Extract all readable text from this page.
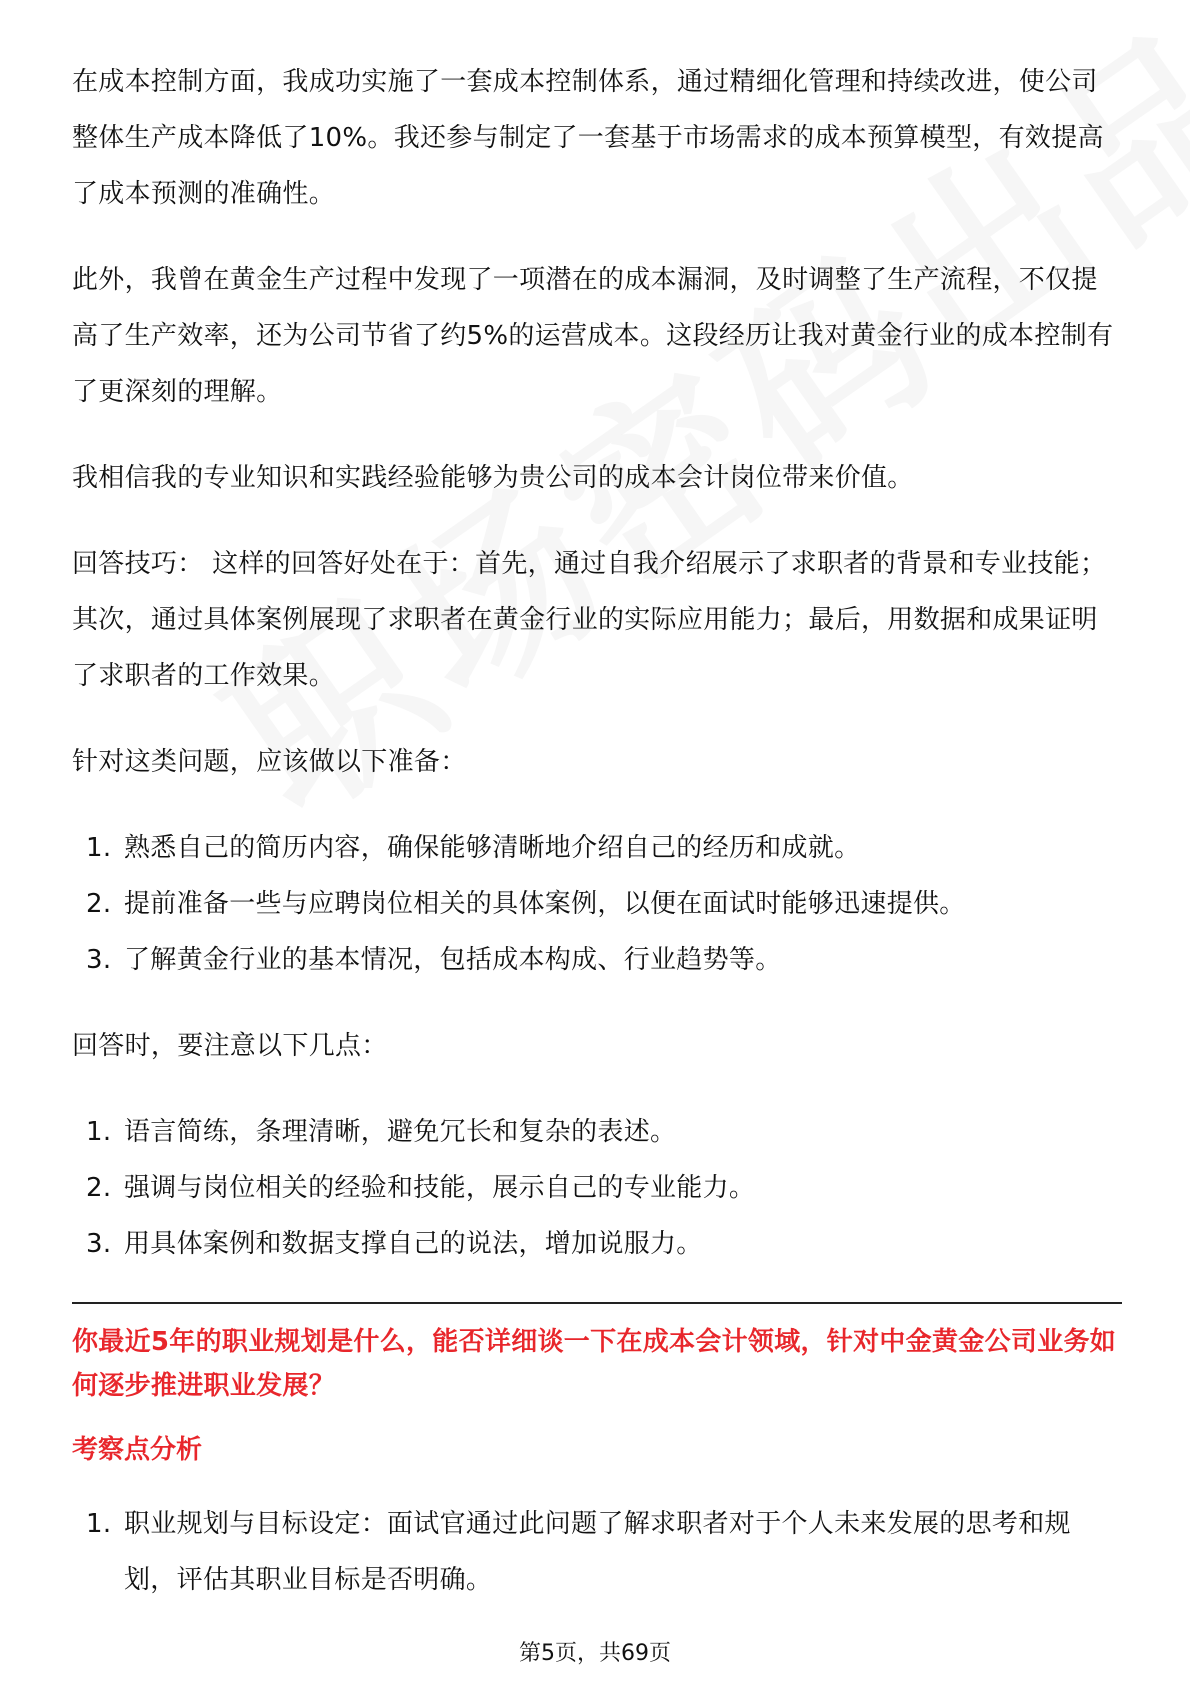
在成本控制方面，我成功实施了一套成本控制体系，通过精细化管理和持续改进，使公司整体生产成本降低了10%。我还参与制定了一套基于市场需求的成本预算模型，有效提高了成本预测的准确性。

此外，我曾在黄金生产过程中发现了一项潜在的成本漏洞，及时调整了生产流程，不仅提高了生产效率，还为公司节省了约5%的运营成本。这段经历让我对黄金行业的成本控制有了更深刻的理解。

我相信我的专业知识和实践经验能够为贵公司的成本会计岗位带来价值。

回答技巧： 这样的回答好处在于：首先，通过自我介绍展示了求职者的背景和专业技能；其次，通过具体案例展现了求职者在黄金行业的实际应用能力；最后，用数据和成果证明了求职者的工作效果。

针对这类问题，应该做以下准备：

1. 熟悉自己的简历内容，确保能够清晰地介绍自己的经历和成就。
2. 提前准备一些与应聘岗位相关的具体案例，以便在面试时能够迅速提供。
3. 了解黄金行业的基本情况，包括成本构成、行业趋势等。

回答时，要注意以下几点：

1. 语言简练，条理清晰，避免冗长和复杂的表述。
2. 强调与岗位相关的经验和技能，展示自己的专业能力。
3. 用具体案例和数据支撑自己的说法，增加说服力。

你最近5年的职业规划是什么，能否详细谈一下在成本会计领域，针对中金黄金公司业务如何逐步推进职业发展？

考察点分析

1. 职业规划与目标设定：面试官通过此问题了解求职者对于个人未来发展的思考和规划，评估其职业目标是否明确。
第5页，共69页
